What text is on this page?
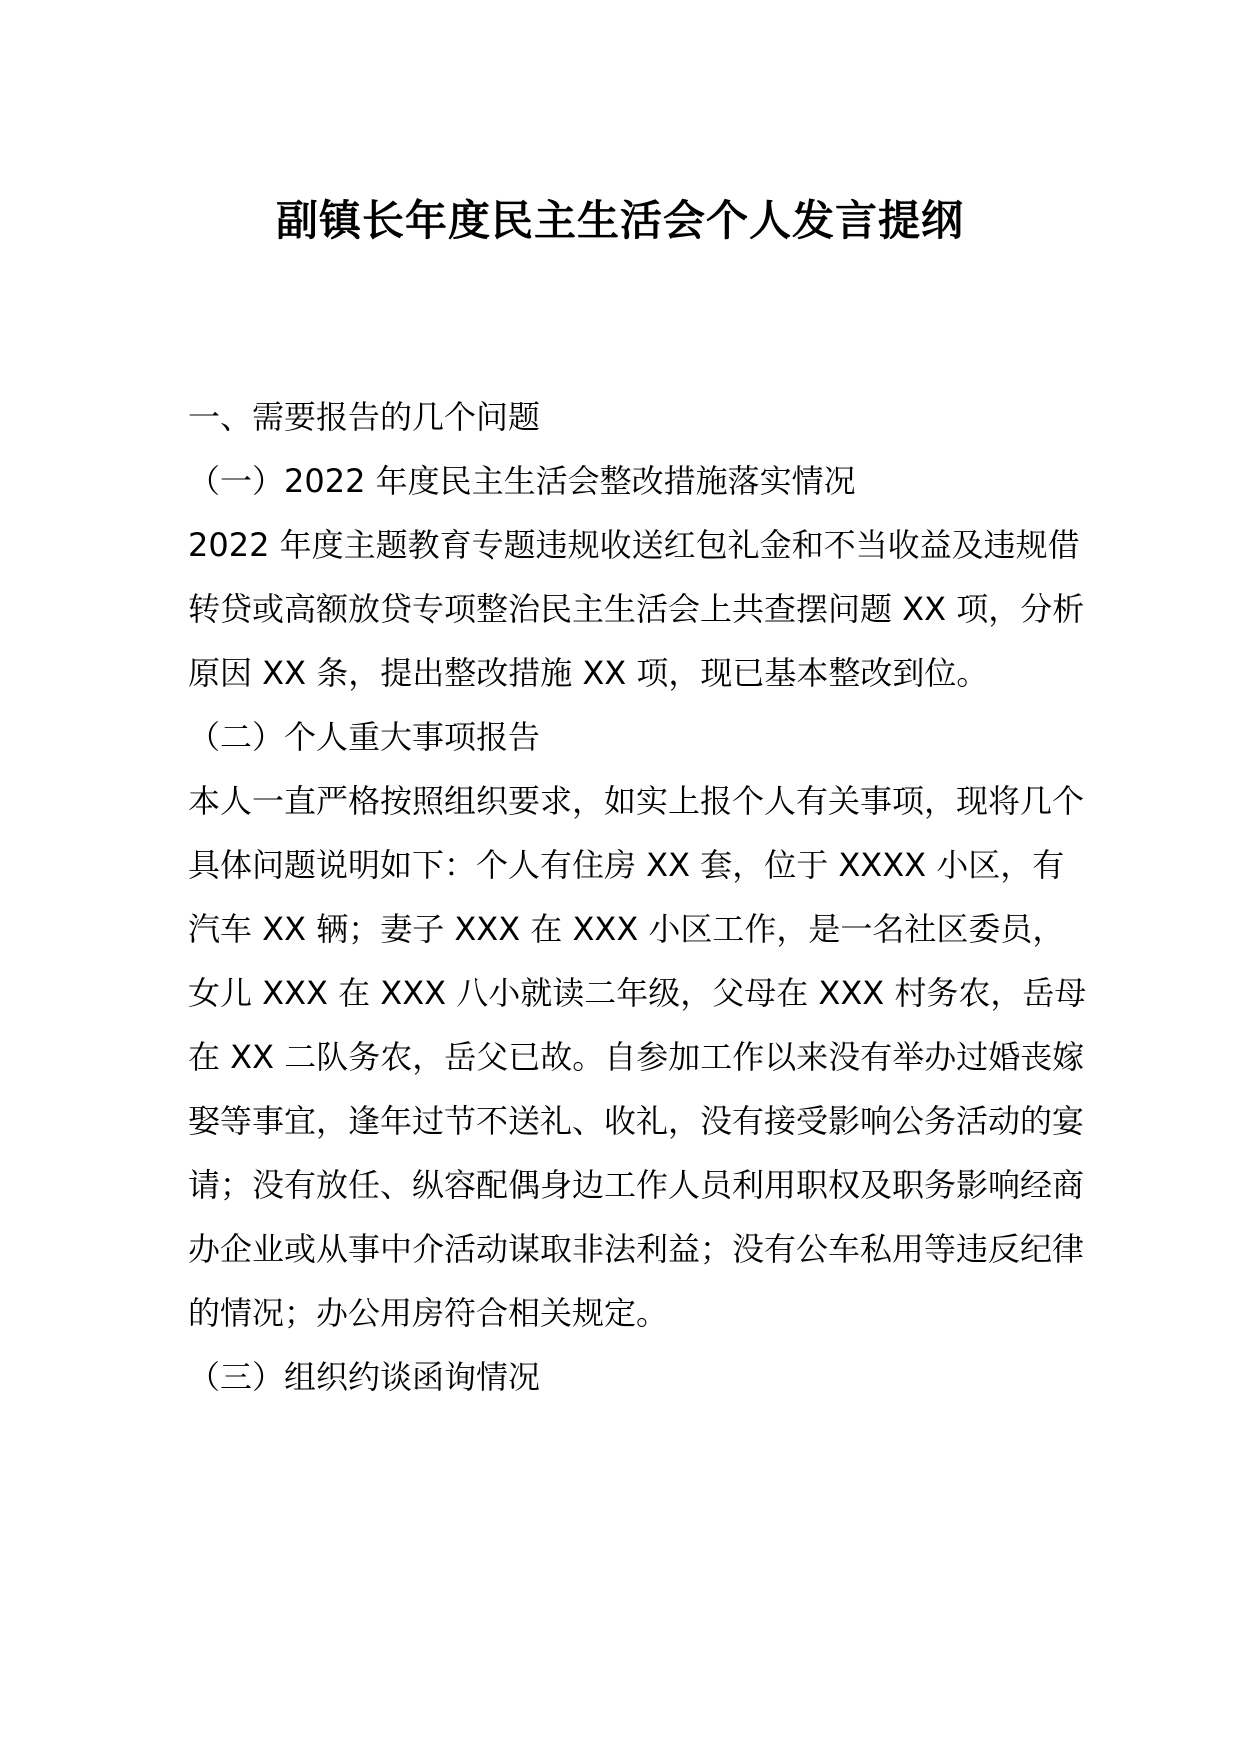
副镇长年度民主生活会个人发言提纲

一、需要报告的几个问题

（一）2022 年度民主生活会整改措施落实情况

2022 年度主题教育专题违规收送红包礼金和不当收益及违规借转贷或高额放贷专项整治民主生活会上共查摆问题 XX 项，分析原因 XX 条，提出整改措施 XX 项，现已基本整改到位。

（二）个人重大事项报告

本人一直严格按照组织要求，如实上报个人有关事项，现将几个具体问题说明如下：个人有住房 XX 套，位于 XXXX 小区，有汽车 XX 辆；妻子 XXX 在 XXX 小区工作，是一名社区委员，女儿 XXX 在 XXX 八小就读二年级，父母在 XXX 村务农，岳母在 XX 二队务农，岳父已故。自参加工作以来没有举办过婚丧嫁娶等事宜，逢年过节不送礼、收礼，没有接受影响公务活动的宴请；没有放任、纵容配偶身边工作人员利用职权及职务影响经商办企业或从事中介活动谋取非法利益；没有公车私用等违反纪律的情况；办公用房符合相关规定。

（三）组织约谈函询情况
